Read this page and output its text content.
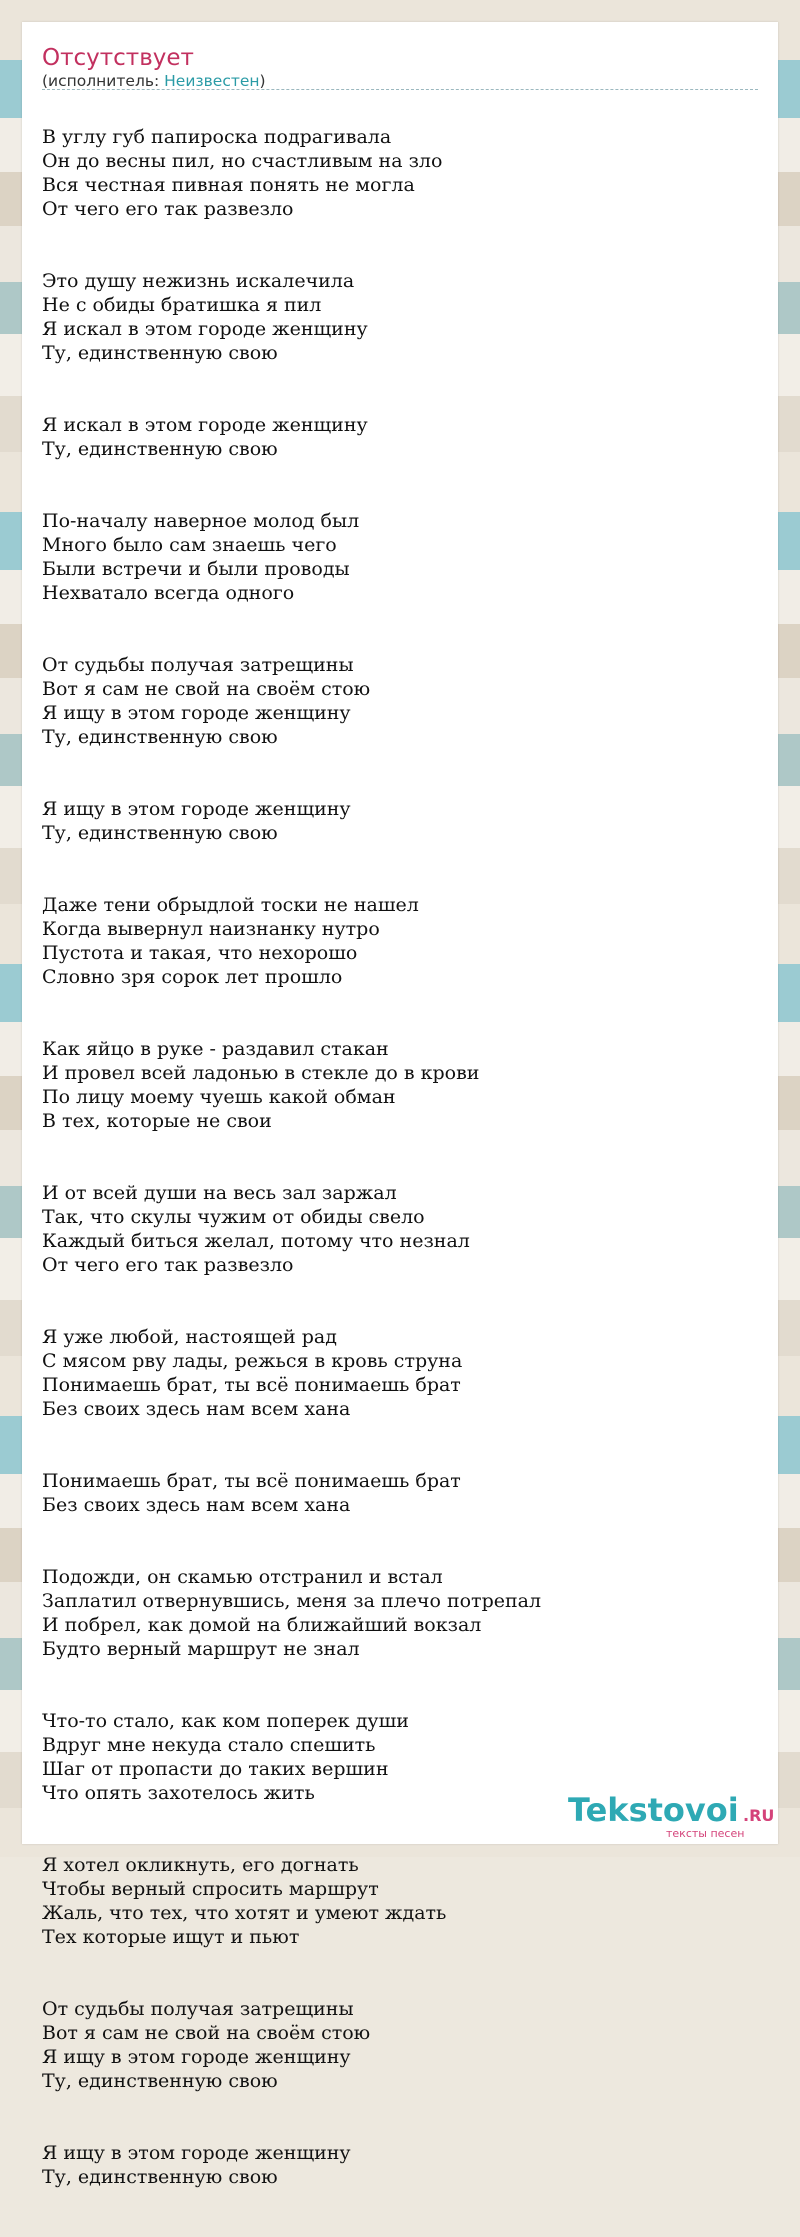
Отсутствует
(исполнитель: Неизвестен)

В углу губ папироска подрагивала
Он до весны пил, но счастливым на зло
Вся честная пивная понять не могла
От чего его так развезло

Это душу нежизнь искалечила
Не с обиды братишка я пил
Я искал в этом городе женщину
Ту, единственную свою

Я искал в этом городе женщину
Ту, единственную свою

По-началу наверное молод был
Много было сам знаешь чего
Были встречи и были проводы
Нехватало всегда одного

От судьбы получая затрещины
Вот я сам не свой на своём стою
Я ищу в этом городе женщину
Ту, единственную свою

Я ищу в этом городе женщину
Ту, единственную свою

Даже тени обрыдлой тоски не нашел
Когда вывернул наизнанку нутро
Пустота и такая, что нехорошо
Словно зря сорок лет прошло

Как яйцо в руке - раздавил стакан
И провел всей ладонью в стекле до в крови
По лицу моему чуешь какой обман
В тех, которые не свои

И от всей души на весь зал заржал
Так, что скулы чужим от обиды свело
Каждый биться желал, потому что незнал
От чего его так развезло

Я уже любой, настоящей рад
С мясом рву лады, режься в кровь струна
Понимаешь брат, ты всё понимаешь брат
Без своих здесь нам всем хана

Понимаешь брат, ты всё понимаешь брат
Без своих здесь нам всем хана

Подожди, он скамью отстранил и встал
Заплатил отвернувшись, меня за плечо потрепал
И побрел, как домой на ближайший вокзал
Будто верный маршрут не знал

Что-то стало, как ком поперек души
Вдруг мне некуда стало спешить
Шаг от пропасти до таких вершин
Что опять захотелось жить

Я хотел окликнуть, его догнать
Чтобы верный спросить маршрут
Жаль, что тех, что хотят и умеют ждать
Тех которые ищут и пьют

От судьбы получая затрещины
Вот я сам не свой на своём стою
Я ищу в этом городе женщину
Ту, единственную свою

Я ищу в этом городе женщину
Ту, единственную свою

Tekstovoi .RU
тексты песен
